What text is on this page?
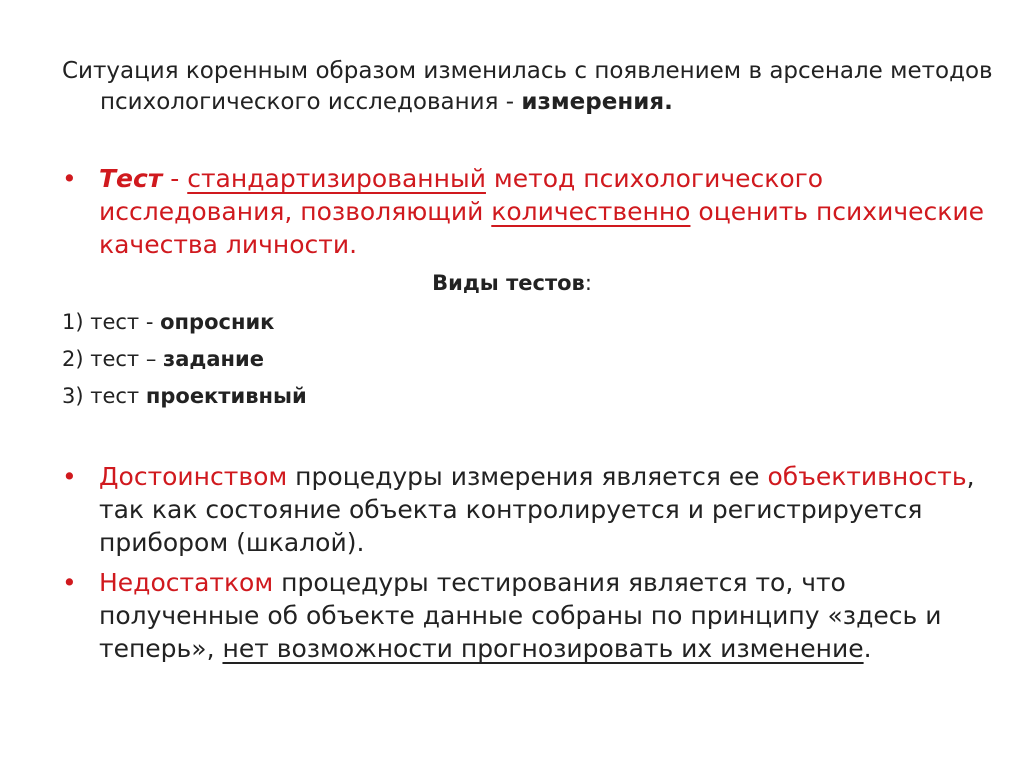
Ситуация коренным образом изменилась с появлением в арсенале методов психологического исследования - измерения.

• Тест - стандартизированный метод психологического исследования, позволяющий количественно оценить психические качества личности.
Виды тестов:
1) тест - опросник
2) тест – задание
3) тест проективный
• Достоинством процедуры измерения является ее объективность, так как состояние объекта контролируется и регистрируется прибором (шкалой).
• Недостатком процедуры тестирования является то, что полученные об объекте данные собраны по принципу «здесь и теперь», нет возможности прогнозировать их изменение.
